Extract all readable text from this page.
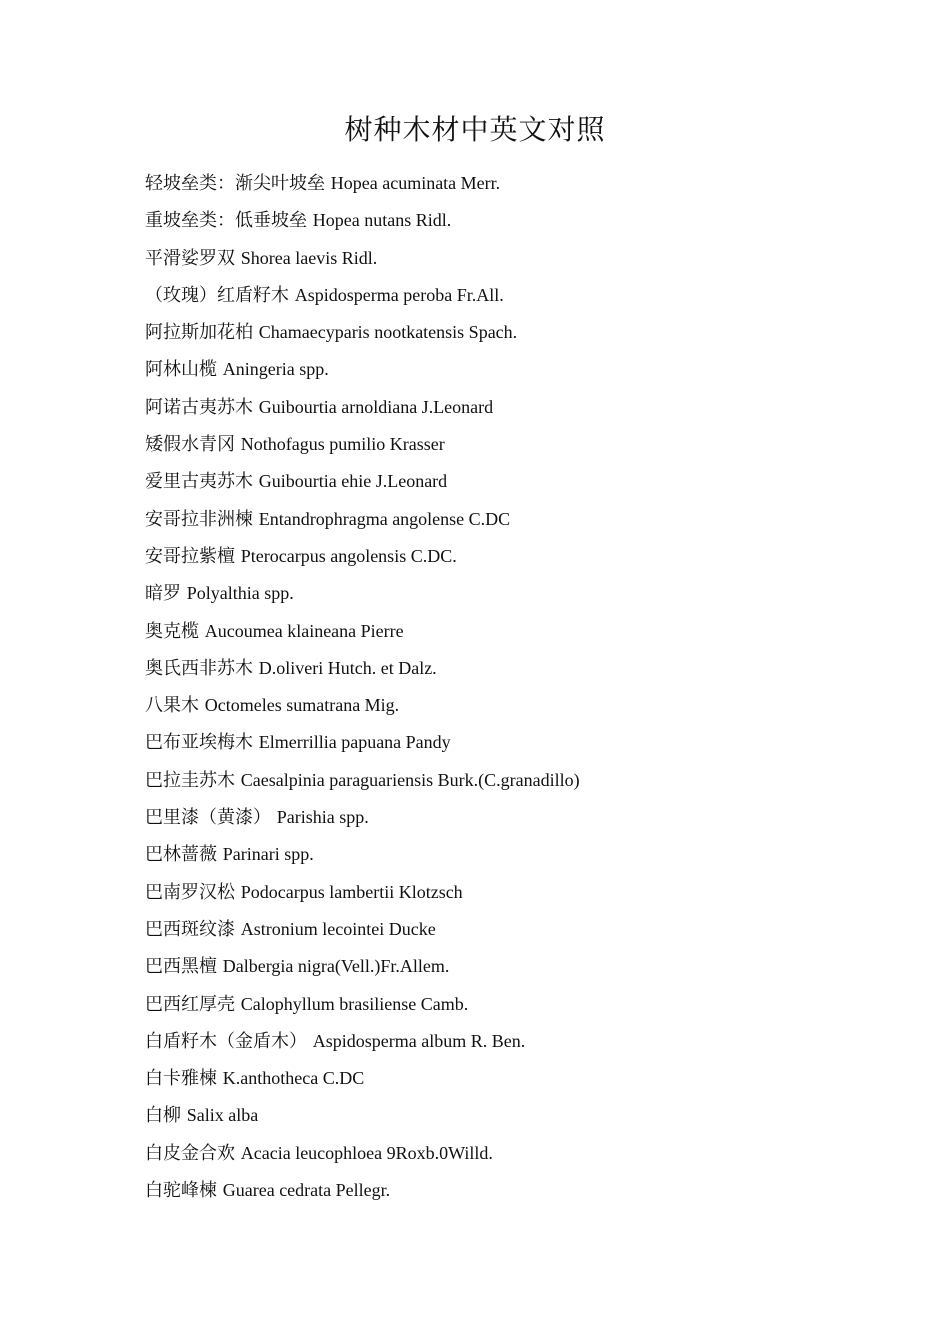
树种木材中英文对照
轻坡垒类：渐尖叶坡垒 Hopea acuminata Merr.
重坡垒类：低垂坡垒 Hopea nutans Ridl.
平滑娑罗双 Shorea laevis Ridl.
（玫瑰）红盾籽木 Aspidosperma peroba Fr.All.
阿拉斯加花柏 Chamaecyparis nootkatensis Spach.
阿林山榄 Aningeria spp.
阿诺古夷苏木 Guibourtia arnoldiana J.Leonard
矮假水青冈 Nothofagus pumilio Krasser
爱里古夷苏木 Guibourtia ehie J.Leonard
安哥拉非洲楝 Entandrophragma angolense C.DC
安哥拉紫檀 Pterocarpus angolensis C.DC.
暗罗 Polyalthia spp.
奥克榄 Aucoumea klaineana Pierre
奥氏西非苏木 D.oliveri Hutch. et Dalz.
八果木 Octomeles sumatrana Mig.
巴布亚埃梅木 Elmerrillia papuana Pandy
巴拉圭苏木 Caesalpinia paraguariensis Burk.(C.granadillo)
巴里漆（黄漆） Parishia spp.
巴林蔷薇 Parinari spp.
巴南罗汉松 Podocarpus lambertii Klotzsch
巴西斑纹漆 Astronium lecointei Ducke
巴西黑檀 Dalbergia nigra(Vell.)Fr.Allem.
巴西红厚壳 Calophyllum brasiliense Camb.
白盾籽木（金盾木） Aspidosperma album R. Ben.
白卡雅楝 K.anthotheca C.DC
白柳 Salix alba
白皮金合欢 Acacia leucophloea 9Roxb.0Willd.
白驼峰楝 Guarea cedrata Pellegr.
